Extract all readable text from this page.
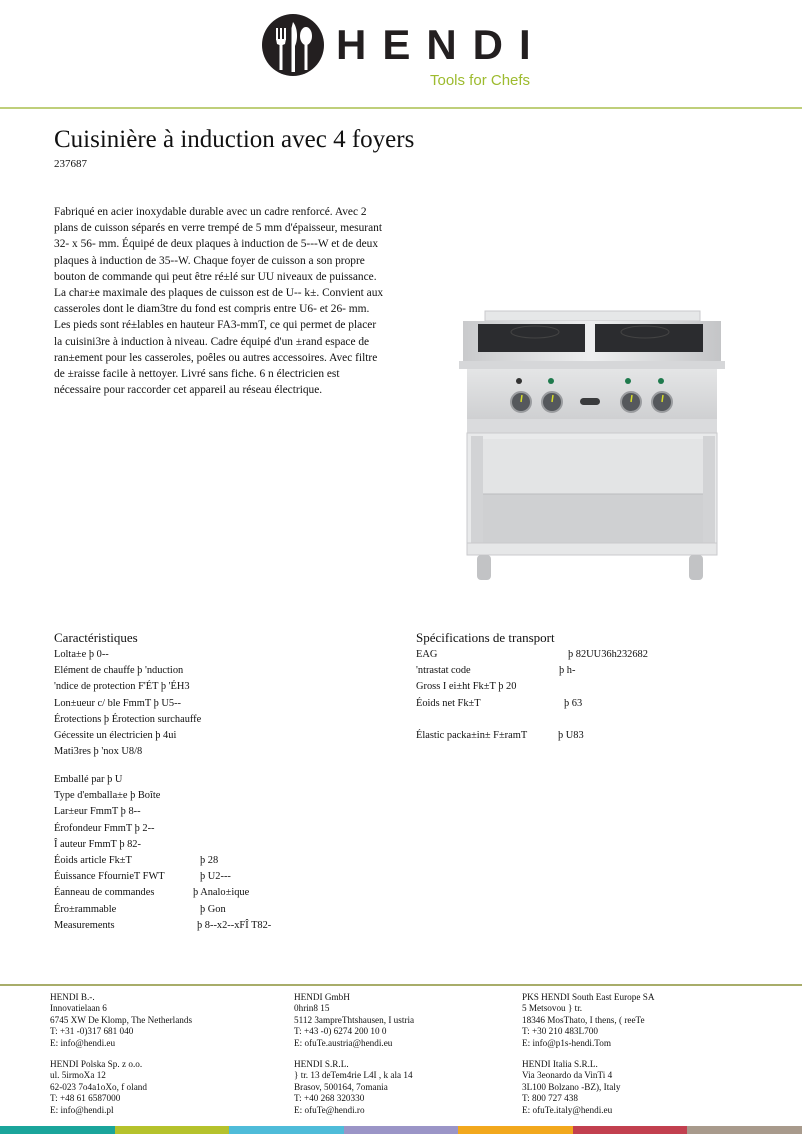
HENDI
Tools for Chefs
Cuisinière à induction avec 4 foyers
237687

Fabriqué en acier inoxydable durable avec un cadre renforcé. Avec 2 plans de cuisson séparés en verre trempé de 5 mm d'épaisseur, mesurant 32- x 56- mm. Équipé de deux plaques à induction de 5---W et de deux plaques à induction de 35--W. Chaque foyer de cuisson a son propre bouton de commande qui peut être ré±lé sur UU niveaux de puissance. La char±e maximale des plaques de cuisson est de U-- k±. Convient aux casseroles dont le diam3tre du fond est compris entre U6- et 26- mm. Les pieds sont ré±lables en hauteur FA3-mmT, ce qui permet de placer la cuisini3re à induction à niveau. Cadre équipé d'un ±rand espace de ran±ement pour les casseroles, poêles ou autres accessoires. Avec filtre de ±raisse facile à nettoyer. Livré sans fiche. 6 n électricien est nécessaire pour raccorder cet appareil au réseau électrique.

Caractéristiques
Lolta±e þ 0--
Elément de chauffe þ 'nduction
'ndice de protection F'ÉT þ 'ÉH3
Lon±ueur c/ ble FmmT þ U5--
Érotections þ Érotection surchauffe
Gécessite un électricien þ 4ui
Mati3res þ 'nox U8/8
Emballé par þ U
Type d'emballa±e þ Boîte
Lar±eur FmmT þ 8--
Érofondeur FmmT þ 2--
Î auteur FmmT þ 82-
Éoids article Fk±T	þ 28
Éuissance FfournieT FWT	þ U2---
Éanneau de commandes	þ Analo±ique
Éro±rammable	þ Gon
Measurements	þ 8--x2--xFÎ T82-
Spécifications de transport
EAG	þ 82UU36h232682
'ntrastat code	þ h-
Gross I ei±ht Fk±T þ 20
Éoids net Fk±T	þ 63
Élastic packa±in± F±ramT	þ U83
HENDI B.-.
Innovatielaan 6
6745 XW De Klomp, The Netherlands
T: +31 -0)317 681 040
E: info@hendi.eu
HENDI Polska Sp. z o.o.
ul. 5irmoXa 12
62-023 7o4a1oXo, f oland
T: +48 61 6587000
E: info@hendi.pl
HENDI GmbH
0hrin8 15
5112 3ampreThtshausen, I ustria
T: +43 -0) 6274 200 10 0
E: ofuTe.austria@hendi.eu
HENDI S.R.L.
} tr. 13 deTem4rie L4I , k ala 14
Brasov, 500164, 7omania
T: +40 268 320330
E: ofuTe@hendi.ro
PKS HENDI South East Europe SA
5 Metsovou } tr.
18346 MosThato, I thens, ( reeTe
T: +30 210 483L700
E: info@p1s-hendi.Tom
HENDI Italia S.R.L.
Via 3eonardo da VinTi 4
3L100 Bolzano -BZ), Italy
T: 800 727 438
E: ofuTe.italy@hendi.eu
